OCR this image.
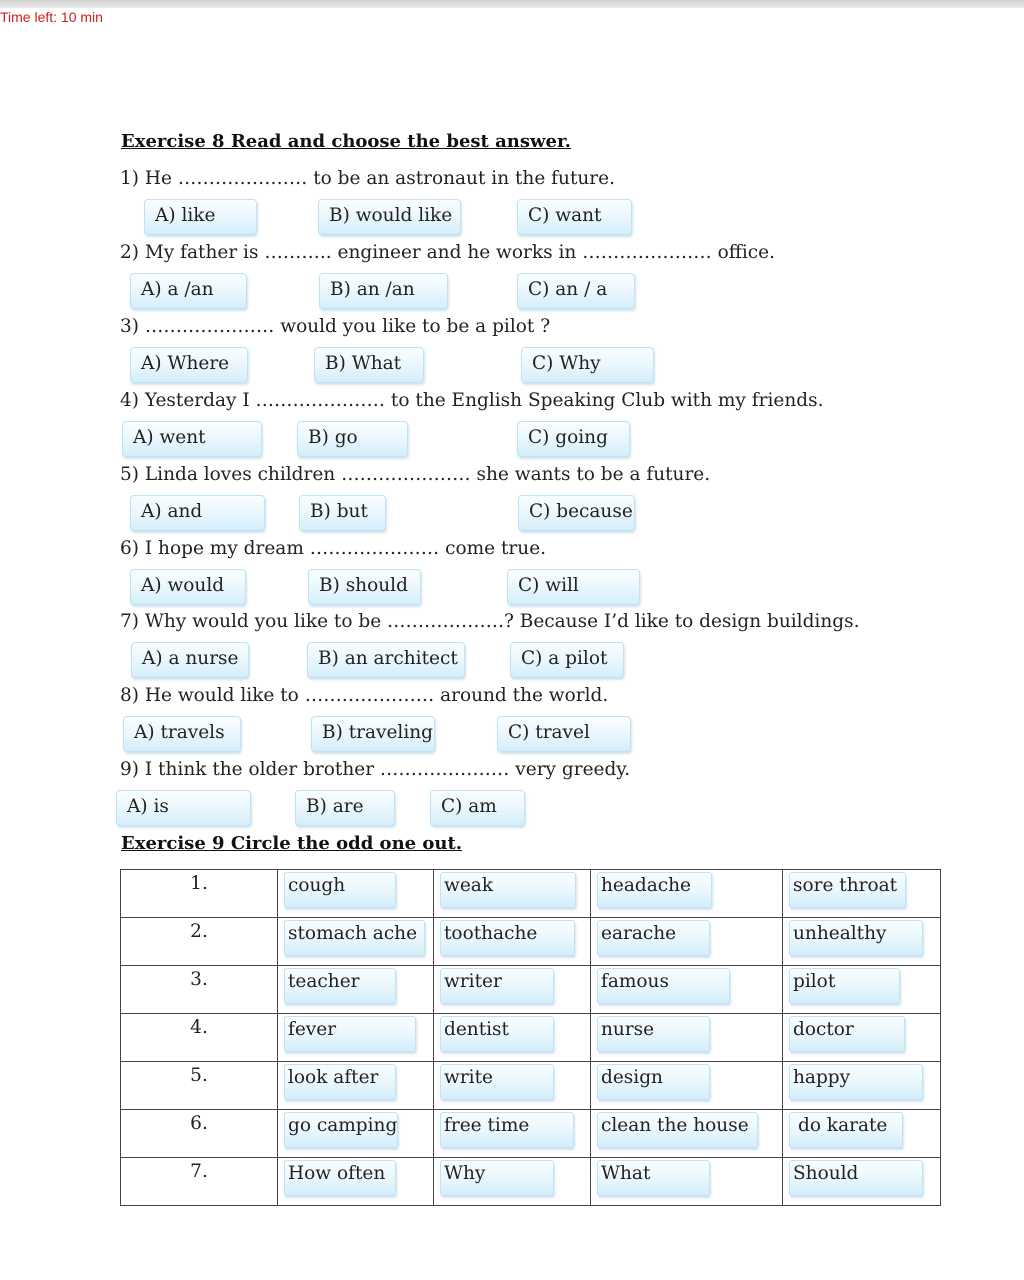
Time left: 10 min
Exercise 8 Read and choose the best answer.
1) He ………………… to be an astronaut in the future.
A) like	B) would like	C) want
2) My father is ……….. engineer and he works in ………………… office.
A) a /an	B) an /an	C) an / a
3) ………………… would you like to be a pilot ?
A) Where	B) What	C) Why
4) Yesterday I ………………… to the English Speaking Club with my friends.
A) went	B) go	C) going
5) Linda loves children ………………… she wants to be a future.
A) and	B) but	C) because
6) I hope my dream ………………… come true.
A) would	B) should	C) will
7) Why would you like to be ……………….? Because I’d like to design buildings.
A) a nurse	B) an architect	C) a pilot
8) He would like to ………………… around the world.
A) travels	B) traveling	C) travel
9) I think the older brother ………………… very greedy.
A) is	B) are	C) am
Exercise 9 Circle the odd one out.
1.	cough	weak	headache	sore throat

2.	stomach ache	toothache	earache	unhealthy

3.	teacher	writer	famous	pilot

4.	fever	dentist	nurse	doctor

5.	look after	write	design	happy

6.	go camping	free time	clean the house	do karate

7.	How often	Why	What	Should
